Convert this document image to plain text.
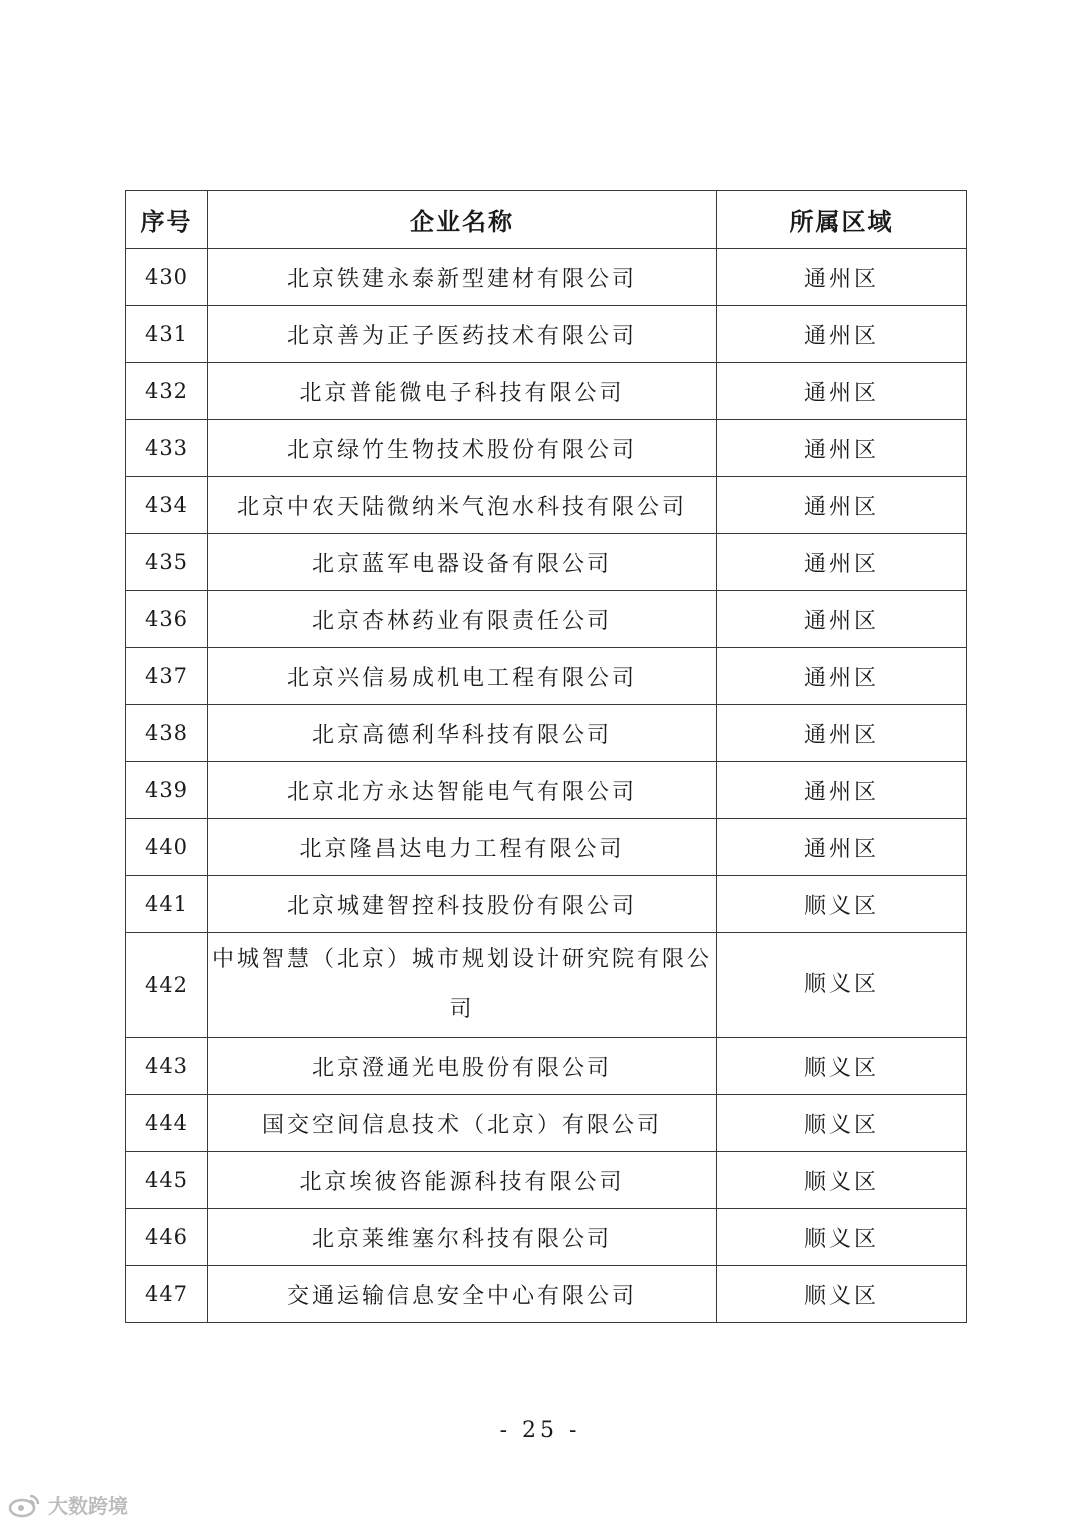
序号	企业名称	所属区域
430	北京铁建永泰新型建材有限公司	通州区
431	北京善为正子医药技术有限公司	通州区
432	北京普能微电子科技有限公司	通州区
433	北京绿竹生物技术股份有限公司	通州区
434	北京中农天陆微纳米气泡水科技有限公司	通州区
435	北京蓝军电器设备有限公司	通州区
436	北京杏林药业有限责任公司	通州区
437	北京兴信易成机电工程有限公司	通州区
438	北京高德利华科技有限公司	通州区
439	北京北方永达智能电气有限公司	通州区
440	北京隆昌达电力工程有限公司	通州区
441	北京城建智控科技股份有限公司	顺义区
442	中城智慧（北京）城市规划设计研究院有限公司	顺义区
443	北京澄通光电股份有限公司	顺义区
444	国交空间信息技术（北京）有限公司	顺义区
445	北京埃彼咨能源科技有限公司	顺义区
446	北京莱维塞尔科技有限公司	顺义区
447	交通运输信息安全中心有限公司	顺义区
- 25 -
大数跨境
